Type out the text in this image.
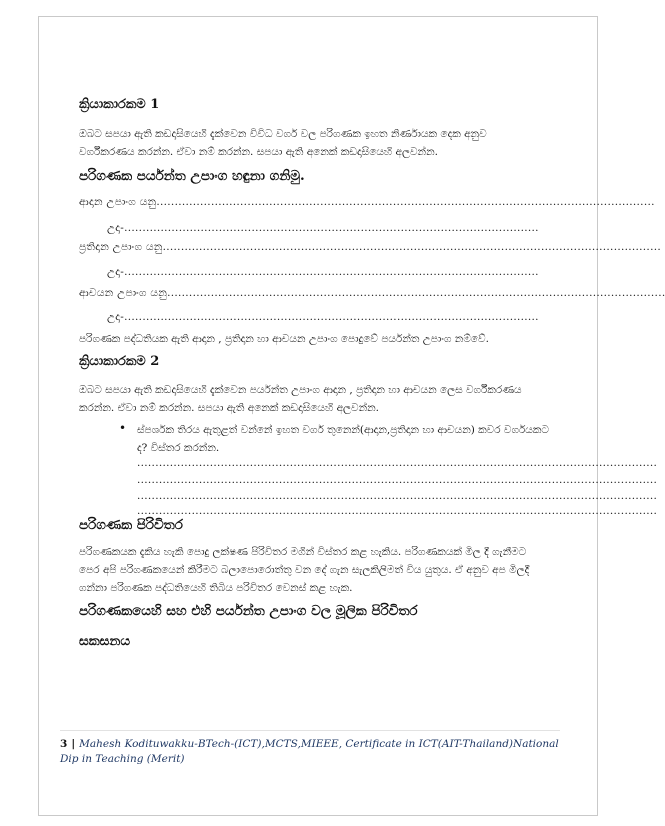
ක්‍රියාකාරකම 1
ඔබට සපයා ඇති කඩදාසියෙහි දැක්වෙන විවිධ වර්ග වල පරිගණක ඉහත නිර්ණායක දෙක අනුව
වර්ගීකරණය කරන්න. ඒවා නම් කරන්න. සපයා ඇති අනෙක් කඩදාසියෙහි අලවන්න.
පරිගණක පර්යන්ත උපාංග හඳුනා ගනිමු.
ආදාන උපාංග යනු.........................................................................................................................................
උදා-..................................................................................................................
ප්‍රතිදාන උපාංග යනු.........................................................................................................................................
උදා-..................................................................................................................
ආචයන උපාංග යනු.........................................................................................................................................
උදා-..................................................................................................................
පරිගණක පද්ධතියක ඇති ආදාන , ප්‍රතිදාන හා ආචයන උපාංග පොදුවේ පර්යන්ත උපාංග නම්වේ.
ක්‍රියාකාරකම 2
ඔබට සපයා ඇති කඩදාසියෙහි දැක්වෙන පර්යන්ත උපාංග ආදාන , ප්‍රතිදාන හා ආචයන ලෙස වර්ගීකරණය
කරන්න. ඒවා නම් කරන්න. සපයා ඇති අනෙක් කඩදාසියෙහි අලවන්න.
•	ස්පර්ශක තිරය ඇතුළත් වන්නේ ඉහත වර්ග තුනෙන්(ආදාන,ප්‍රතිදාන හා ආචයන) කවර වර්ගයකට
ද? විස්තර කරන්න.
...............................................................................................................................................
...............................................................................................................................................
...............................................................................................................................................
...............................................................................................................................................
පරිගණක පිරිවිතර
පරිගණකයක දැකිය හැකි පොදු ලක්ෂණ පිරිවිතර මගින් විස්තර කළ හැකිය. පරිගණකයක් මිල දී ගැනීමට
පෙර අපි පරිගණකයෙන් කිරීමට බලාපොරොත්තු වන දේ ගැන සැලකිලිමත් විය යුතුය. ඒ අනුව අප මිලදී
ගන්නා පරිගණක පද්ධතියෙහි තිබිය පරිවිතර වෙනස් කළ හැක.
පරිගණකයෙහි සහ එහි පර්යන්ත උපාංග වල මූලික පිරිවිතර
සකසනය
3 | Mahesh Kodituwakku-BTech-(ICT),MCTS,MIEEE, Certificate in ICT(AIT-Thailand)National Dip in Teaching (Merit)
